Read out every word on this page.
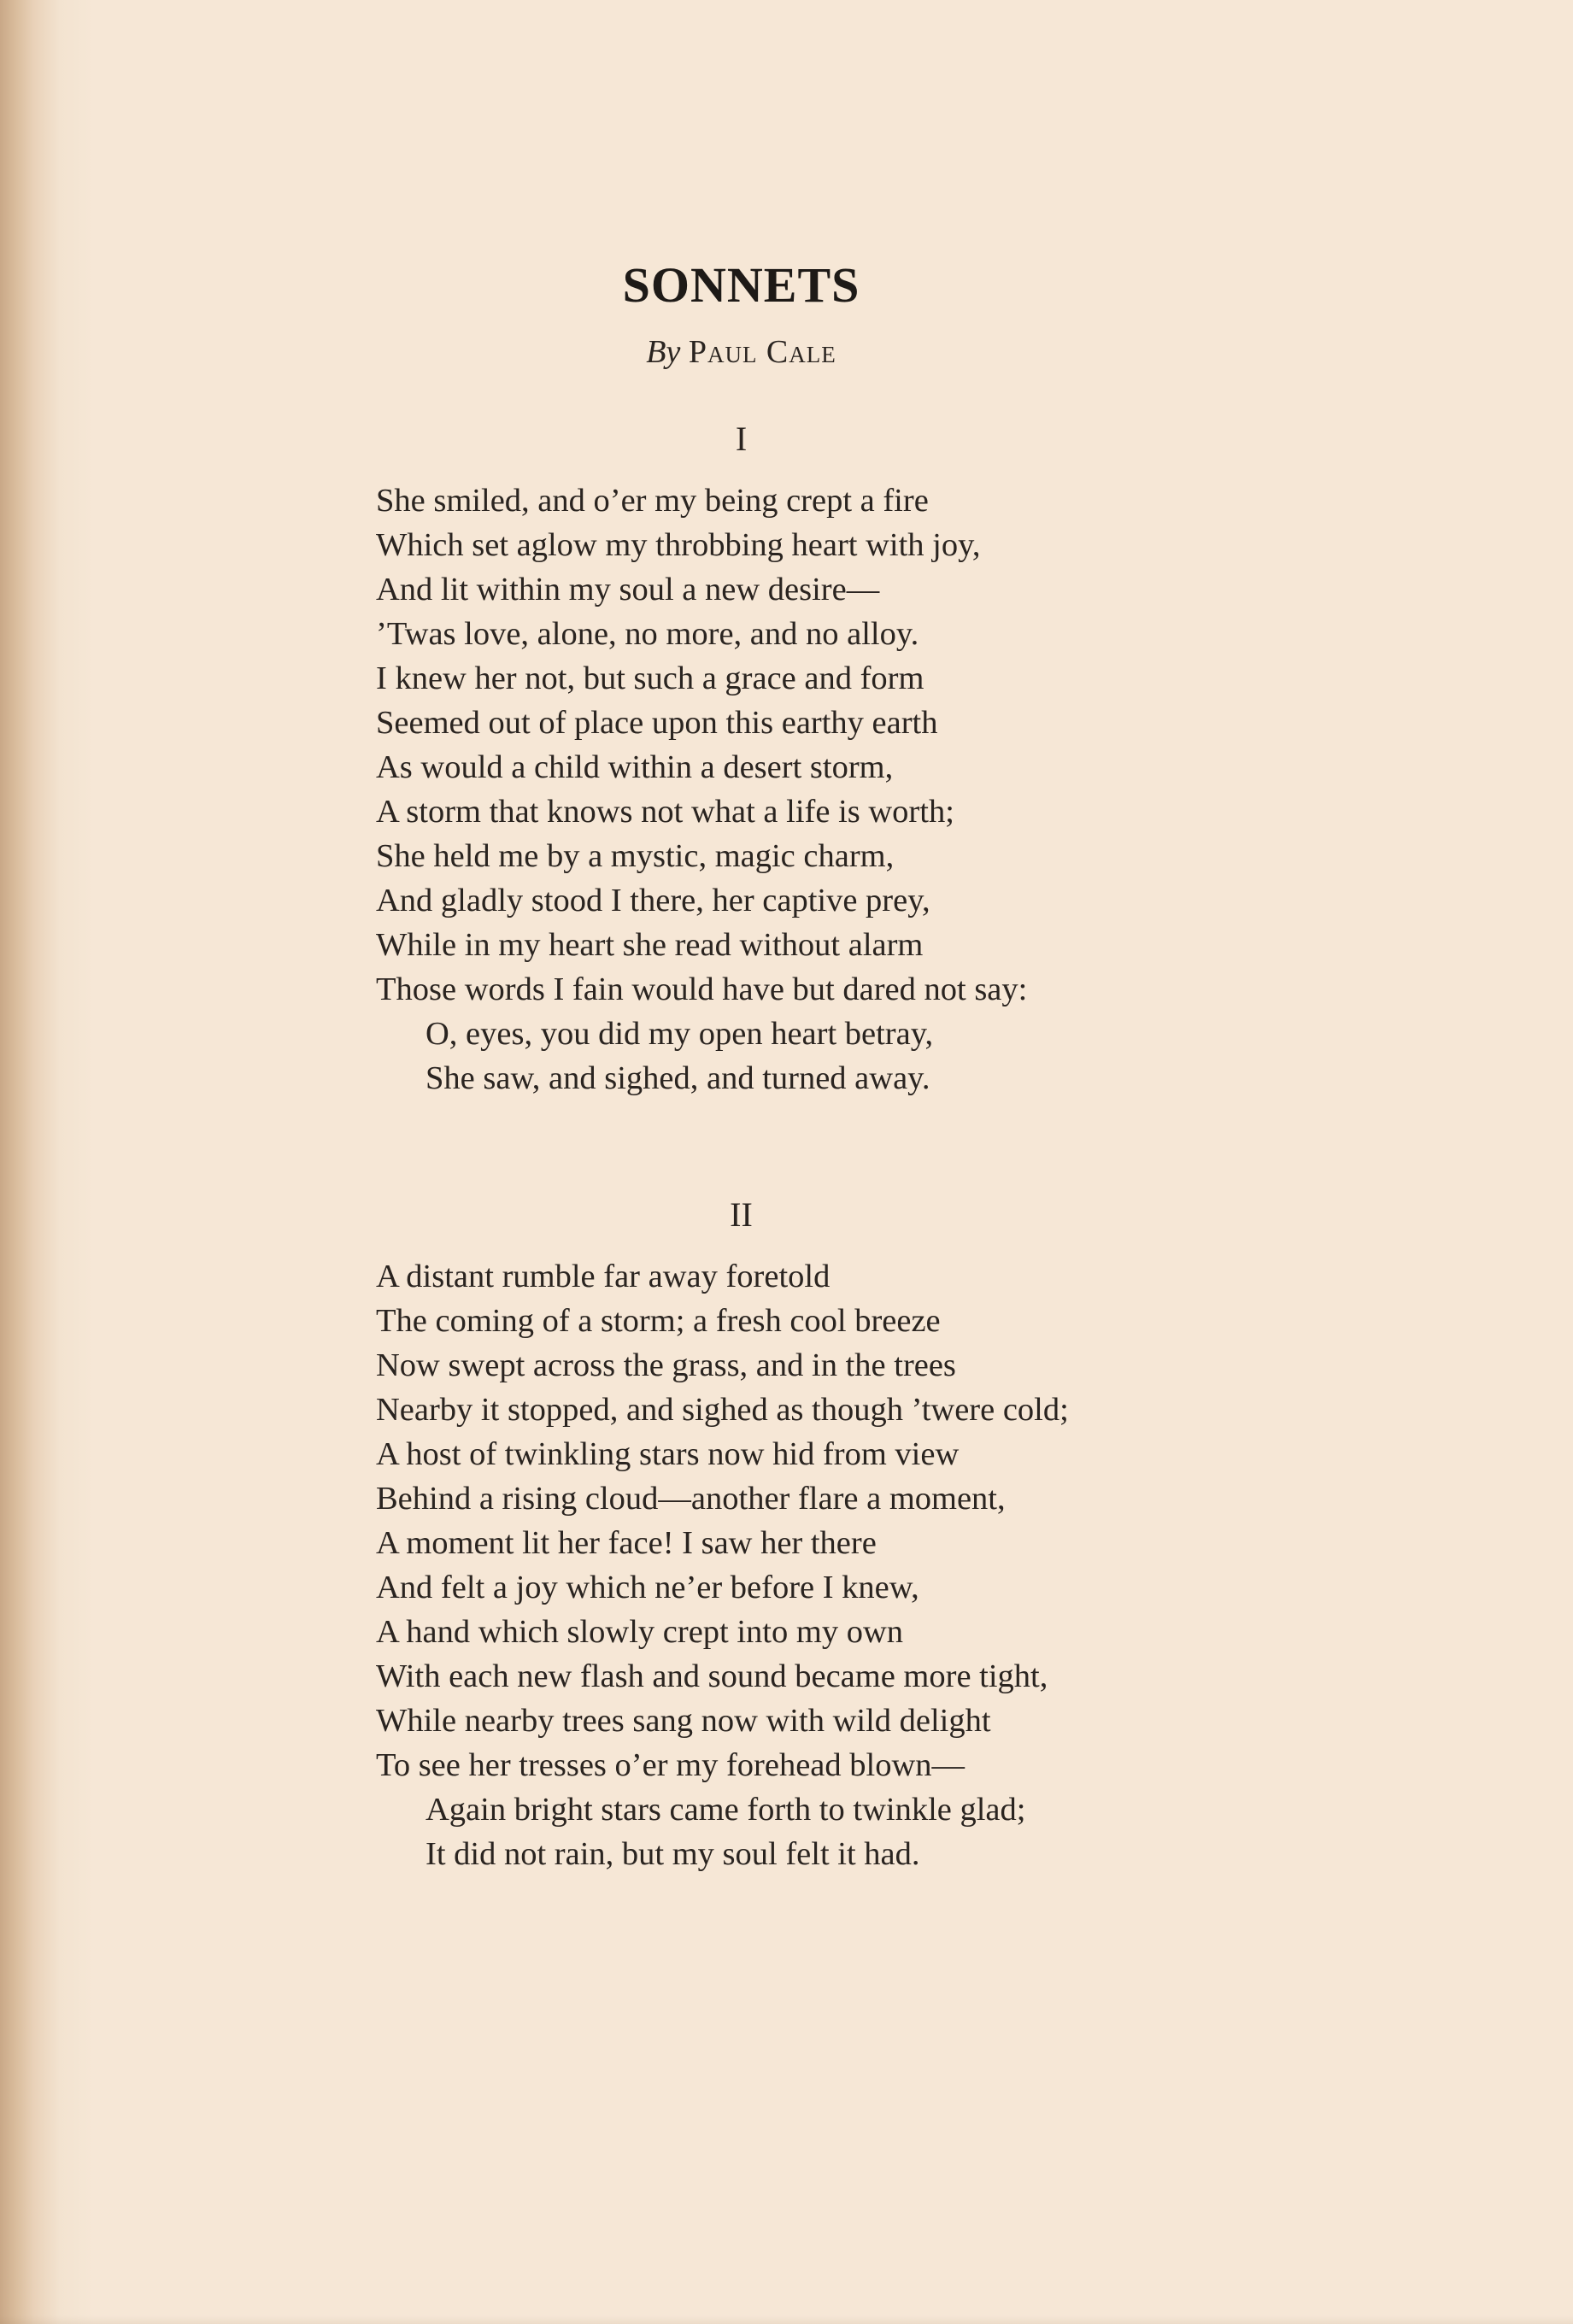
SONNETS
By Paul Cale
I
She smiled, and o’er my being crept a fire
Which set aglow my throbbing heart with joy,
And lit within my soul a new desire—
’Twas love, alone, no more, and no alloy.
I knew her not, but such a grace and form
Seemed out of place upon this earthy earth
As would a child within a desert storm,
A storm that knows not what a life is worth;
She held me by a mystic, magic charm,
And gladly stood I there, her captive prey,
While in my heart she read without alarm
Those words I fain would have but dared not say:
O, eyes, you did my open heart betray,
She saw, and sighed, and turned away.
II
A distant rumble far away foretold
The coming of a storm; a fresh cool breeze
Now swept across the grass, and in the trees
Nearby it stopped, and sighed as though ’twere cold;
A host of twinkling stars now hid from view
Behind a rising cloud—another flare a moment,
A moment lit her face! I saw her there
And felt a joy which ne’er before I knew,
A hand which slowly crept into my own
With each new flash and sound became more tight,
While nearby trees sang now with wild delight
To see her tresses o’er my forehead blown—
Again bright stars came forth to twinkle glad;
It did not rain, but my soul felt it had.
